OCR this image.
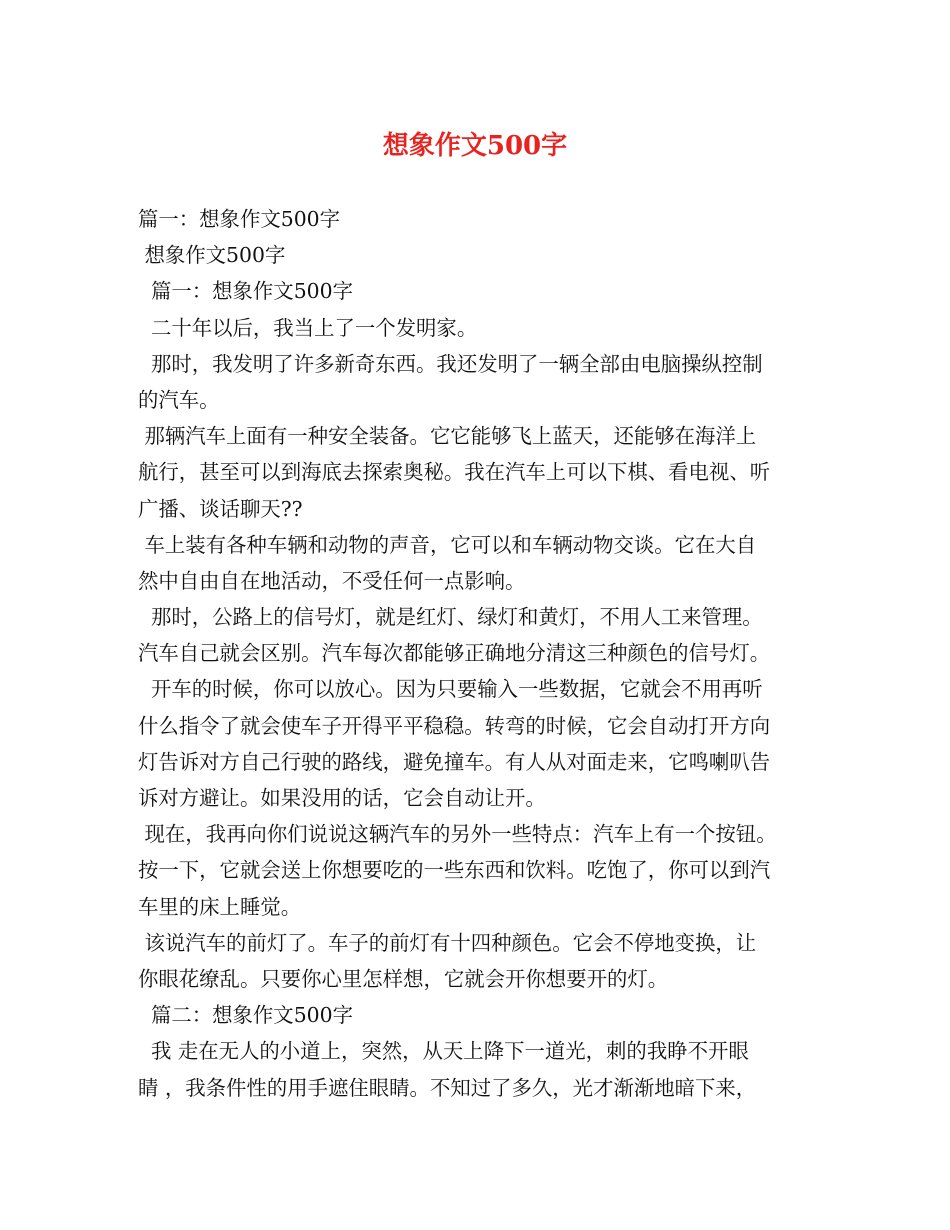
想象作文500字
篇一：想象作文500字
想象作文500字
篇一：想象作文500字
二十年以后，我当上了一个发明家。
那时，我发明了许多新奇东西。我还发明了一辆全部由电脑操纵控制
的汽车。
那辆汽车上面有一种安全装备。它它能够飞上蓝天，还能够在海洋上
航行，甚至可以到海底去探索奥秘。我在汽车上可以下棋、看电视、听
广播、谈话聊天??
车上装有各种车辆和动物的声音，它可以和车辆动物交谈。它在大自
然中自由自在地活动，不受任何一点影响。
那时，公路上的信号灯，就是红灯、绿灯和黄灯，不用人工来管理。
汽车自己就会区别。汽车每次都能够正确地分清这三种颜色的信号灯。
开车的时候，你可以放心。因为只要输入一些数据，它就会不用再听
什么指令了就会使车子开得平平稳稳。转弯的时候，它会自动打开方向
灯告诉对方自己行驶的路线，避免撞车。有人从对面走来，它鸣喇叭告
诉对方避让。如果没用的话，它会自动让开。
现在，我再向你们说说这辆汽车的另外一些特点：汽车上有一个按钮。
按一下，它就会送上你想要吃的一些东西和饮料。吃饱了，你可以到汽
车里的床上睡觉。
该说汽车的前灯了。车子的前灯有十四种颜色。它会不停地变换，让
你眼花缭乱。只要你心里怎样想，它就会开你想要开的灯。
篇二：想象作文500字
我 走在无人的小道上，突然，从天上降下一道光，刺的我睁不开眼
睛 ，我条件性的用手遮住眼睛。不知过了多久，光才渐渐地暗下来，
